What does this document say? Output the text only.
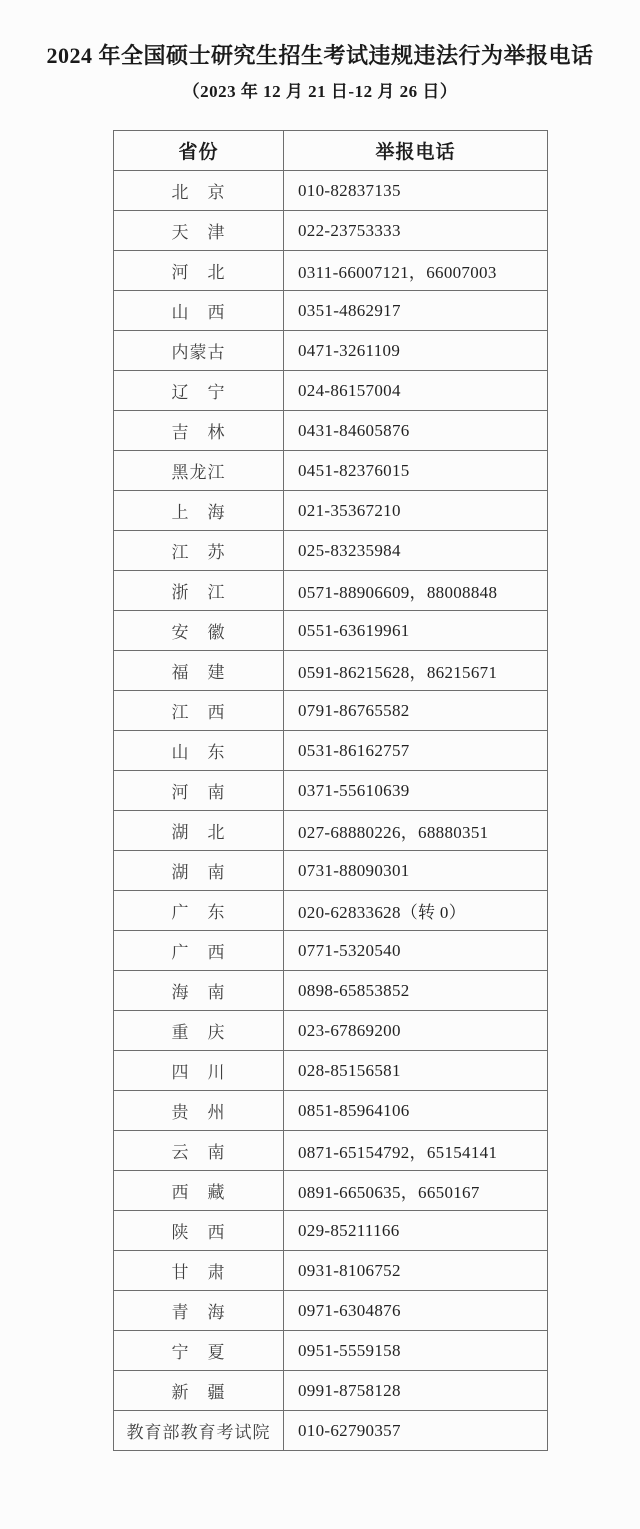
2024 年全国硕士研究生招生考试违规违法行为举报电话
（2023 年 12 月 21 日-12 月 26 日）
省份	举报电话
北　京	010-82837135
天　津	022-23753333
河　北	0311-66007121，66007003
山　西	0351-4862917
内蒙古	0471-3261109
辽　宁	024-86157004
吉　林	0431-84605876
黑龙江	0451-82376015
上　海	021-35367210
江　苏	025-83235984
浙　江	0571-88906609，88008848
安　徽	0551-63619961
福　建	0591-86215628，86215671
江　西	0791-86765582
山　东	0531-86162757
河　南	0371-55610639
湖　北	027-68880226，68880351
湖　南	0731-88090301
广　东	020-62833628（转 0）
广　西	0771-5320540
海　南	0898-65853852
重　庆	023-67869200
四　川	028-85156581
贵　州	0851-85964106
云　南	0871-65154792，65154141
西　藏	0891-6650635，6650167
陕　西	029-85211166
甘　肃	0931-8106752
青　海	0971-6304876
宁　夏	0951-5559158
新　疆	0991-8758128
教育部教育考试院	010-62790357
